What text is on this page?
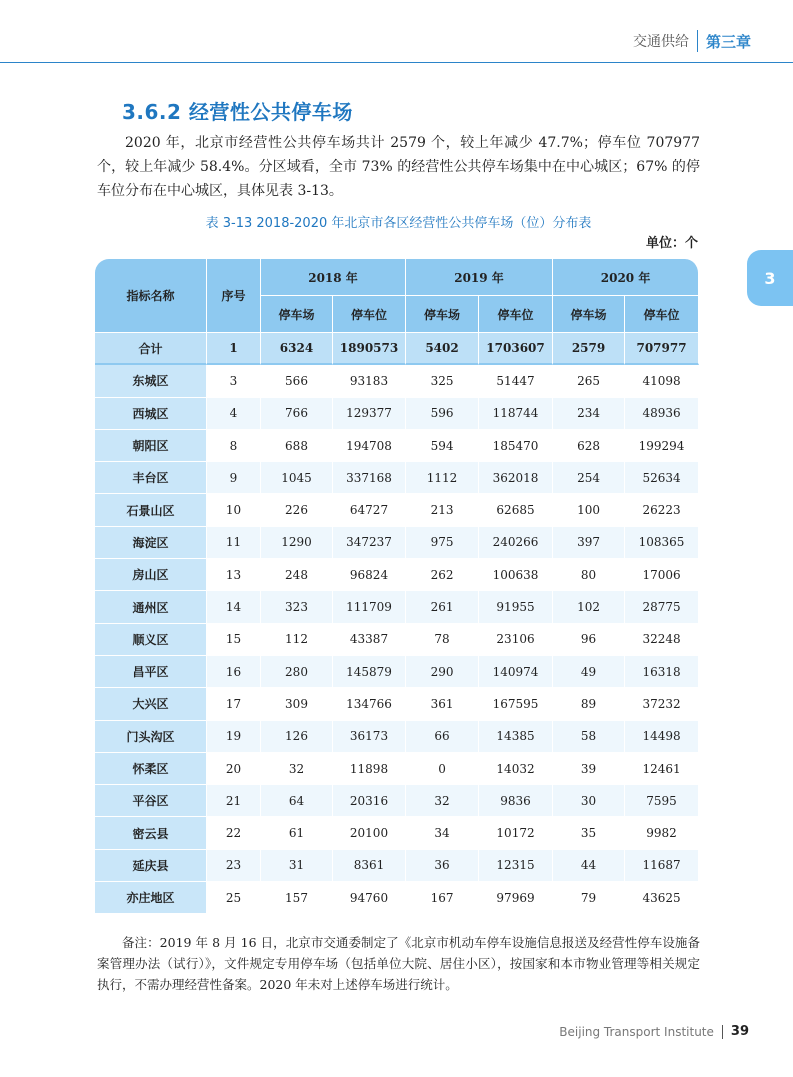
交通供给	第三章
3
3.6.2 经营性公共停车场

2020 年，北京市经营性公共停车场共计 2579 个，较上年减少 47.7%；停车位 707977 个，较上年减少 58.4%。分区域看，全市 73% 的经营性公共停车场集中在中心城区；67% 的停车位分布在中心城区，具体见表 3-13。

表 3-13 2018-2020 年北京市各区经营性公共停车场（位）分布表
单位：个
指标名称	序号	2018 年		2019 年		2020 年	
		停车场	停车位	停车场	停车位	停车场	停车位
合计	1	6324	1890573	5402	1703607	2579	707977
东城区	3	566	93183	325	51447	265	41098
西城区	4	766	129377	596	118744	234	48936
朝阳区	8	688	194708	594	185470	628	199294
丰台区	9	1045	337168	1112	362018	254	52634
石景山区	10	226	64727	213	62685	100	26223
海淀区	11	1290	347237	975	240266	397	108365
房山区	13	248	96824	262	100638	80	17006
通州区	14	323	111709	261	91955	102	28775
顺义区	15	112	43387	78	23106	96	32248
昌平区	16	280	145879	290	140974	49	16318
大兴区	17	309	134766	361	167595	89	37232
门头沟区	19	126	36173	66	14385	58	14498
怀柔区	20	32	11898	0	14032	39	12461
平谷区	21	64	20316	32	9836	30	7595
密云县	22	61	20100	34	10172	35	9982
延庆县	23	31	8361	36	12315	44	11687
亦庄地区	25	157	94760	167	97969	79	43625

备注：2019 年 8 月 16 日，北京市交通委制定了《北京市机动车停车设施信息报送及经营性停车设施备案管理办法（试行）》，文件规定专用停车场（包括单位大院、居住小区），按国家和本市物业管理等相关规定执行，不需办理经营性备案。2020 年未对上述停车场进行统计。

Beijing Transport Institute 39
